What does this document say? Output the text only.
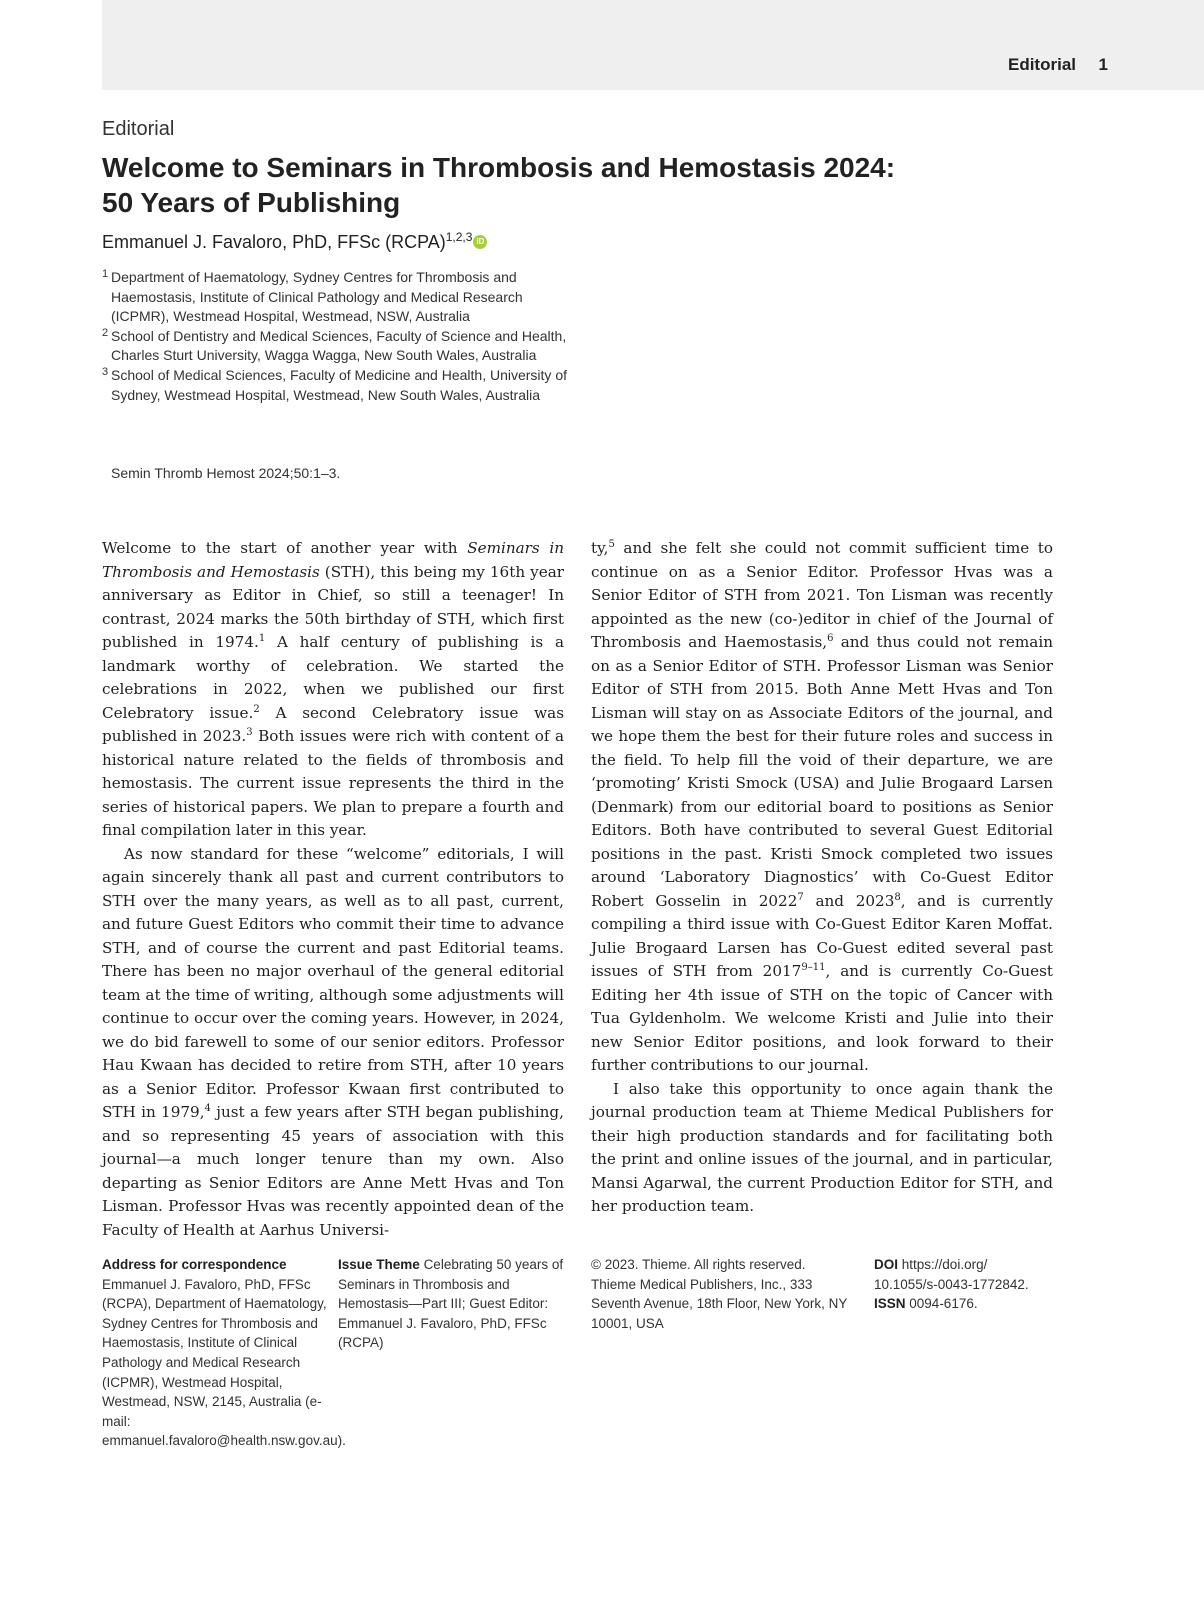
Editorial 1
Editorial
Welcome to Seminars in Thrombosis and Hemostasis 2024:
50 Years of Publishing
Emmanuel J. Favaloro, PhD, FFSc (RCPA)$^{1,2,3}$ iD
1 Department of Haematology, Sydney Centres for Thrombosis and Haemostasis, Institute of Clinical Pathology and Medical Research (ICPMR), Westmead Hospital, Westmead, NSW, Australia
2 School of Dentistry and Medical Sciences, Faculty of Science and Health, Charles Sturt University, Wagga Wagga, New South Wales, Australia
3 School of Medical Sciences, Faculty of Medicine and Health, University of Sydney, Westmead Hospital, Westmead, New South Wales, Australia
Semin Thromb Hemost 2024;50:1–3.

Welcome to the start of another year with Seminars in Thrombosis and Hemostasis (STH), this being my 16th year anniversary as Editor in Chief, so still a teenager! In contrast, 2024 marks the 50th birthday of STH, which first published in 1974.$^1$ A half century of publishing is a landmark worthy of celebration. We started the celebrations in 2022, when we published our first Celebratory issue.$^2$ A second Celebratory issue was published in 2023.$^3$ Both issues were rich with content of a historical nature related to the fields of thrombosis and hemostasis. The current issue represents the third in the series of historical papers. We plan to prepare a fourth and final compilation later in this year.

As now standard for these “welcome” editorials, I will again sincerely thank all past and current contributors to STH over the many years, as well as to all past, current, and future Guest Editors who commit their time to advance STH, and of course the current and past Editorial teams. There has been no major overhaul of the general editorial team at the time of writing, although some adjustments will continue to occur over the coming years. However, in 2024, we do bid farewell to some of our senior editors. Professor Hau Kwaan has decided to retire from STH, after 10 years as a Senior Editor. Professor Kwaan first contributed to STH in 1979,$^4$ just a few years after STH began publishing, and so representing 45 years of association with this journal—a much longer tenure than my own. Also departing as Senior Editors are Anne Mett Hvas and Ton Lisman. Professor Hvas was recently appointed dean of the Faculty of Health at Aarhus Universi-

ty,$^5$ and she felt she could not commit sufficient time to continue on as a Senior Editor. Professor Hvas was a Senior Editor of STH from 2021. Ton Lisman was recently appointed as the new (co-)editor in chief of the Journal of Thrombosis and Haemostasis,$^6$ and thus could not remain on as a Senior Editor of STH. Professor Lisman was Senior Editor of STH from 2015. Both Anne Mett Hvas and Ton Lisman will stay on as Associate Editors of the journal, and we hope them the best for their future roles and success in the field. To help fill the void of their departure, we are ‘promoting’ Kristi Smock (USA) and Julie Brogaard Larsen (Denmark) from our editorial board to positions as Senior Editors. Both have contributed to several Guest Editorial positions in the past. Kristi Smock completed two issues around ‘Laboratory Diagnostics’ with Co-Guest Editor Robert Gosselin in 2022$^7$ and 2023$^8$, and is currently compiling a third issue with Co-Guest Editor Karen Moffat. Julie Brogaard Larsen has Co-Guest edited several past issues of STH from 2017$^{9-11}$, and is currently Co-Guest Editing her 4th issue of STH on the topic of Cancer with Tua Gyldenholm. We welcome Kristi and Julie into their new Senior Editor positions, and look forward to their further contributions to our journal.

I also take this opportunity to once again thank the journal production team at Thieme Medical Publishers for their high production standards and for facilitating both the print and online issues of the journal, and in particular, Mansi Agarwal, the current Production Editor for STH, and her production team.

Address for correspondence
Emmanuel J. Favaloro, PhD, FFSc (RCPA), Department of Haematology, Sydney Centres for Thrombosis and Haemostasis, Institute of Clinical Pathology and Medical Research (ICPMR), Westmead Hospital, Westmead, NSW, 2145, Australia (e-mail: emmanuel.favaloro@health.nsw.gov.au).
Issue Theme Celebrating 50 years of Seminars in Thrombosis and Hemostasis—Part III; Guest Editor: Emmanuel J. Favaloro, PhD, FFSc (RCPA)
© 2023. Thieme. All rights reserved. Thieme Medical Publishers, Inc., 333 Seventh Avenue, 18th Floor, New York, NY 10001, USA
DOI https://doi.org/
10.1055/s-0043-1772842.
ISSN 0094-6176.
